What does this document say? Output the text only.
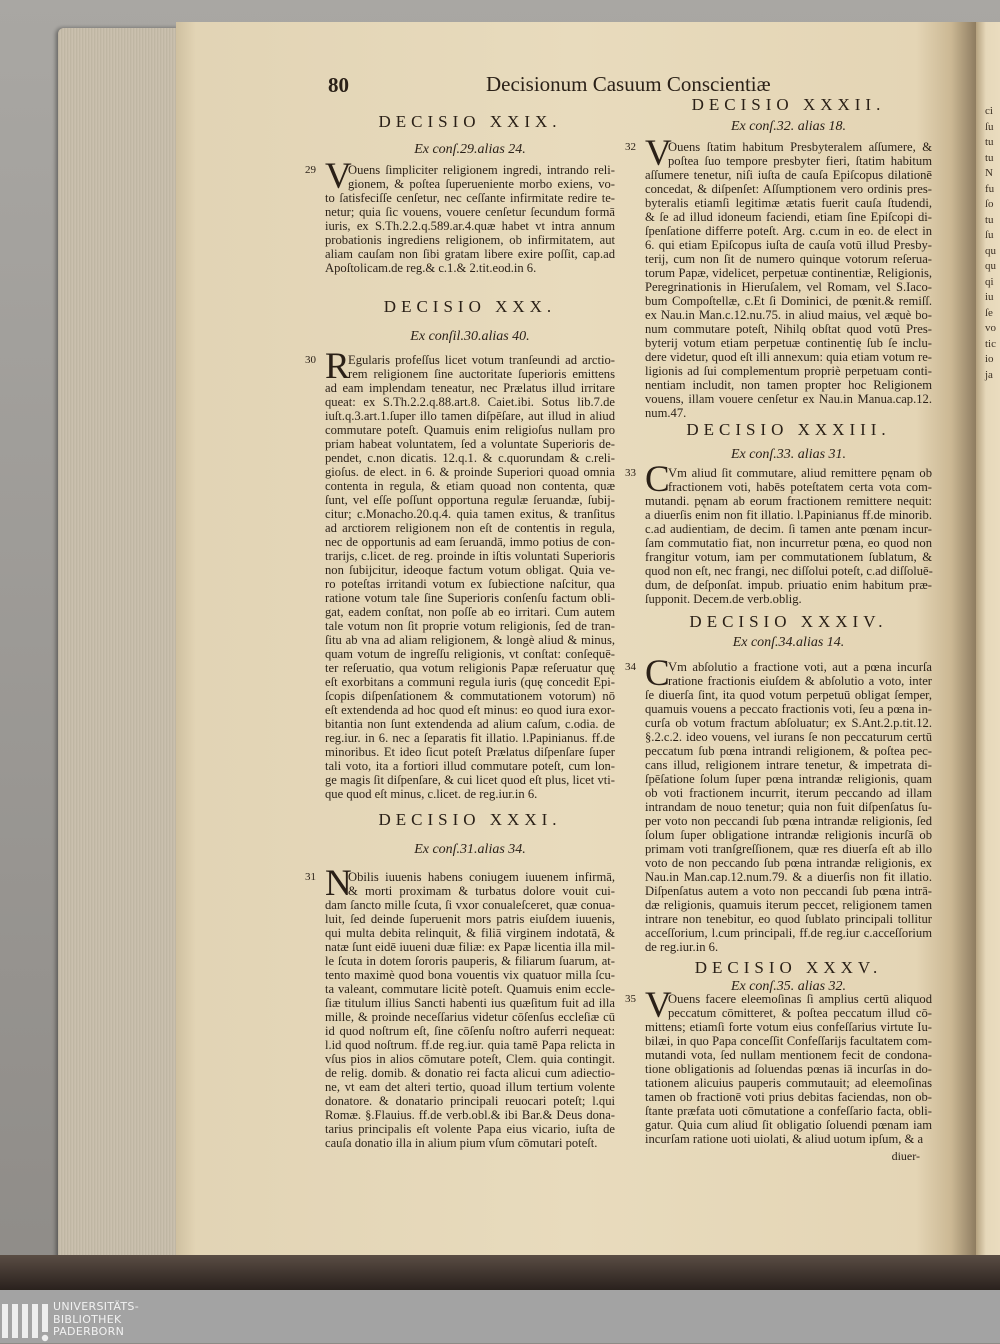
ci
ſu
tu
tu
N
fu
ſo
tu
ſu
qu
qu
qi
iu
ſe
vo
tic
io
ja
80	Decisionum Casuum Conscientiæ
DECISIO XXIX.
Ex conſ.29.alias 24.
29 V
Ouens ſimpliciter religionem ingredi, intrando reli-
gionem, & poſtea ſuperueniente morbo exiens, vo-
to ſatisfeciſſe cenſetur, nec ceſſante infirmitate redire te-
netur; quia ſic vouens, vouere cenſetur ſecundum formā
iuris, ex S.Th.2.2.q.589.ar.4.quæ habet vt intra annum
probationis ingrediens religionem, ob infirmitatem, aut
aliam cauſam non ſibi gratam libere exire poſſit, cap.ad
Apoſtolicam.de reg.& c.1.& 2.tit.eod.in 6.
DECISIO XXX.
Ex conſil.30.alias 40.
30 R
Egularis profeſſus licet votum tranſeundi ad arctio-
rem religionem ſine auctoritate ſuperioris emittens
ad eam implendam teneatur, nec Prælatus illud irritare
queat: ex S.Th.2.2.q.88.art.8. Caiet.ibi. Sotus lib.7.de
iuſt.q.3.art.1.ſuper illo tamen diſpēſare, aut illud in aliud
commutare poteſt. Quamuis enim religioſus nullam pro
priam habeat voluntatem, ſed a voluntate Superioris de-
pendet, c.non dicatis. 12.q.1. & c.quorundam & c.reli-
gioſus. de elect. in 6. & proinde Superiori quoad omnia
contenta in regula, & etiam quoad non contenta, quæ
ſunt, vel eſſe poſſunt opportuna regulæ ſeruandæ, ſubij-
citur; c.Monacho.20.q.4. quia tamen exitus, & tranſitus
ad arctiorem religionem non eſt de contentis in regula,
nec de opportunis ad eam ſeruandā, immo potius de con-
trarijs, c.licet. de reg. proinde in iſtis voluntati Superioris
non ſubijcitur, ideoque factum votum obligat. Quia ve-
ro poteſtas irritandi votum ex ſubiectione naſcitur, qua
ratione votum tale ſine Superioris conſenſu factum obli-
gat, eadem conſtat, non poſſe ab eo irritari. Cum autem
tale votum non ſit proprie votum religionis, ſed de tran-
ſitu ab vna ad aliam religionem, & longè aliud & minus,
quam votum de ingreſſu religionis, vt conſtat: conſequē-
ter reſeruatio, qua votum religionis Papæ reſeruatur quę
eſt exorbitans a communi regula iuris (quę concedit Epi-
ſcopis diſpenſationem & commutationem votorum) nō
eſt extendenda ad hoc quod eſt minus: eo quod iura exor-
bitantia non ſunt extendenda ad alium caſum, c.odia. de
reg.iur. in 6. nec a ſeparatis fit illatio. l.Papinianus. ff.de
minoribus. Et ideo ſicut poteſt Prælatus diſpenſare ſuper
tali voto, ita a fortiori illud commutare poteſt, cum lon-
ge magis ſit diſpenſare, & cui licet quod eſt plus, licet vti-
que quod eſt minus, c.licet. de reg.iur.in 6.
DECISIO XXXI.
Ex conſ.31.alias 34.
31 N
Obilis iuuenis habens coniugem iuuenem infirmā,
& morti proximam & turbatus dolore vouit cui-
dam ſancto mille ſcuta, ſi vxor conualeſceret, quæ conua-
luit, ſed deinde ſuperuenit mors patris eiuſdem iuuenis,
qui multa debita relinquit, & filiā virginem indotatā, &
natæ ſunt eidē iuueni duæ filiæ: ex Papæ licentia illa mil-
le ſcuta in dotem ſororis pauperis, & filiarum ſuarum, at-
tento maximè quod bona vouentis vix quatuor milla ſcu-
ta valeant, commutare licitè poteſt. Quamuis enim eccle-
ſiæ titulum illius Sancti habenti ius quæſitum fuit ad illa
mille, & proinde neceſſarius videtur cōſenſus eccleſiæ cū
id quod noſtrum eſt, ſine cōſenſu noſtro auferri nequeat:
l.id quod noſtrum. ff.de reg.iur. quia tamē Papa relicta in
vſus pios in alios cōmutare poteſt, Clem. quia contingit.
de relig. domib. & donatio rei facta alicui cum adiectio-
ne, vt eam det alteri tertio, quoad illum tertium volente
donatore. & donatario principali reuocari poteſt; l.qui
Romæ. §.Flauius. ff.de verb.obl.& ibi Bar.& Deus dona-
tarius principalis eſt volente Papa eius vicario, iuſta de
cauſa donatio illa in alium pium vſum cōmutari poteſt.
DECISIO XXXII.
Ex conſ.32. alias 18.
32 V
Ouens ſtatim habitum Presbyteralem aſſumere, &
poſtea ſuo tempore presbyter fieri, ſtatim habitum
aſſumere tenetur, niſi iuſta de cauſa Epiſcopus dilationē
concedat, & diſpenſet: Aſſumptionem vero ordinis pres-
byteralis etiamſi legitimæ ætatis fuerit cauſa ſtudendi,
& ſe ad illud idoneum faciendi, etiam ſine Epiſcopi di-
ſpenſatione differre poteſt. Arg. c.cum in eo. de elect in
6. qui etiam Epiſcopus iuſta de cauſa votū illud Presby-
terij, cum non ſit de numero quinque votorum reſerua-
torum Papæ, videlicet, perpetuæ continentiæ, Religionis,
Peregrinationis in Hieruſalem, vel Romam, vel S.Iaco-
bum Compoſtellæ, c.Et ſi Dominici, de pœnit.& remiſſ.
ex Nau.in Man.c.12.nu.75. in aliud maius, vel æquè bo-
num commutare poteſt, Nihilq obſtat quod votū Pres-
byterij votum etiam perpetuæ continentię ſub ſe inclu-
dere videtur, quod eſt illi annexum: quia etiam votum re-
ligionis ad ſui complementum propriè perpetuam conti-
nentiam includit, non tamen propter hoc Religionem
vouens, illam vouere cenſetur ex Nau.in Manua.cap.12.
num.47.
DECISIO XXXIII.
Ex conſ.33. alias 31.
33 C
Vm aliud ſit commutare, aliud remittere pęnam ob
fractionem voti, habēs poteſtatem certa vota com-
mutandi. pęnam ab eorum fractionem remittere nequit:
a diuerſis enim non fit illatio. l.Papinianus ff.de minorib.
c.ad audientiam, de decim. ſi tamen ante pœnam incur-
ſam commutatio fiat, non incurretur pœna, eo quod non
frangitur votum, iam per commutationem ſublatum, &
quod non eſt, nec frangi, nec diſſolui poteſt, c.ad diſſoluē-
dum, de deſponſat. impub. priuatio enim habitum præ-
ſupponit. Decem.de verb.oblig.
DECISIO XXXIV.
Ex conſ.34.alias 14.
34 C
Vm abſolutio a fractione voti, aut a pœna incurſa
ratione fractionis eiuſdem & abſolutio a voto, inter
ſe diuerſa ſint, ita quod votum perpetuū obligat ſemper,
quamuis vouens a peccato fractionis voti, ſeu a pœna in-
curſa ob votum fractum abſoluatur; ex S.Ant.2.p.tit.12.
§.2.c.2. ideo vouens, vel iurans ſe non peccaturum certū
peccatum ſub pœna intrandi religionem, & poſtea pec-
cans illud, religionem intrare tenetur, & impetrata di-
ſpēſatione ſolum ſuper pœna intrandæ religionis, quam
ob voti fractionem incurrit, iterum peccando ad illam
intrandam de nouo tenetur; quia non fuit diſpenſatus ſu-
per voto non peccandi ſub pœna intrandæ religionis, ſed
ſolum ſuper obligatione intrandæ religionis incurſā ob
primam voti tranſgreſſionem, quæ res diuerſa eſt ab illo
voto de non peccando ſub pœna intrandæ religionis, ex
Nau.in Man.cap.12.num.79. & a diuerſis non fit illatio.
Diſpenſatus autem a voto non peccandi ſub pœna intrā-
dæ religionis, quamuis iterum peccet, religionem tamen
intrare non tenebitur, eo quod ſublato principali tollitur
acceſſorium, l.cum principali, ff.de reg.iur c.acceſſorium
de reg.iur.in 6.
DECISIO XXXV.
Ex conſ.35. alias 32.
35 V
Ouens facere eleemoſinas ſi amplius certū aliquod
peccatum cōmitteret, & poſtea peccatum illud cō-
mittens; etiamſi forte votum eius confeſſarius virtute Iu-
bilæi, in quo Papa conceſſit Confeſſarijs facultatem com-
mutandi vota, ſed nullam mentionem fecit de condona-
tione obligationis ad ſoluendas pœnas iā incurſas in do-
tationem alicuius pauperis commutauit; ad eleemoſinas
tamen ob fractionē voti prius debitas faciendas, non ob-
ſtante præfata uoti cōmutatione a confeſſario facta, obli-
gatur. Quia cum aliud ſit obligatio ſoluendi pœnam iam
incurſam ratione uoti uiolati, & aliud uotum ipſum, & a
diuer-
UNIVERSITÄTS-
BIBLIOTHEK
PADERBORN
